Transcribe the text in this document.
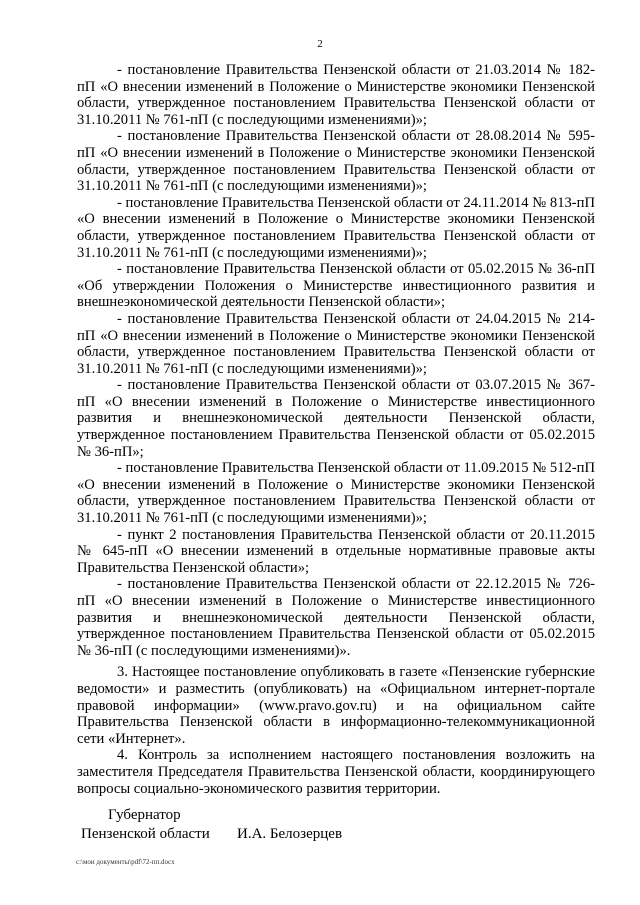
2

- постановление Правительства Пензенской области от 21.03.2014 № 182-пП «О внесении изменений в Положение о Министерстве экономики Пензенской области, утвержденное постановлением Правительства Пензенской области от 31.10.2011 № 761-пП (с последующими изменениями)»;

- постановление Правительства Пензенской области от 28.08.2014 № 595-пП «О внесении изменений в Положение о Министерстве экономики Пензенской области, утвержденное постановлением Правительства Пензенской области от 31.10.2011 № 761-пП (с последующими изменениями)»;

- постановление Правительства Пензенской области от 24.11.2014 № 813-пП «О внесении изменений в Положение о Министерстве экономики Пензенской области, утвержденное постановлением Правительства Пензенской области от 31.10.2011 № 761-пП (с последующими изменениями)»;

- постановление Правительства Пензенской области от 05.02.2015 № 36-пП «Об утверждении Положения о Министерстве инвестиционного развития и внешнеэкономической деятельности Пензенской области»;

- постановление Правительства Пензенской области от 24.04.2015 № 214-пП «О внесении изменений в Положение о Министерстве экономики Пензенской области, утвержденное постановлением Правительства Пензенской области от 31.10.2011 № 761-пП (с последующими изменениями)»;

- постановление Правительства Пензенской области от 03.07.2015 № 367-пП «О внесении изменений в Положение о Министерстве инвестиционного развития и внешнеэкономической деятельности Пензенской области, утвержденное постановлением Правительства Пензенской области от 05.02.2015 № 36-пП»;

- постановление Правительства Пензенской области от 11.09.2015 № 512-пП «О внесении изменений в Положение о Министерстве экономики Пензенской области, утвержденное постановлением Правительства Пензенской области от 31.10.2011 № 761-пП (с последующими изменениями)»;

- пункт 2 постановления Правительства Пензенской области от 20.11.2015 № 645-пП «О внесении изменений в отдельные нормативные правовые акты Правительства Пензенской области»;

- постановление Правительства Пензенской области от 22.12.2015 № 726-пП «О внесении изменений в Положение о Министерстве инвестиционного развития и внешнеэкономической деятельности Пензенской области, утвержденное постановлением Правительства Пензенской области от 05.02.2015 № 36-пП (с последующими изменениями)».

3. Настоящее постановление опубликовать в газете «Пензенские губернские ведомости» и разместить (опубликовать) на «Официальном интернет-портале правовой информации» (www.pravo.gov.ru) и на официальном сайте Правительства Пензенской области в информационно-телекоммуникационной сети «Интернет».

4. Контроль за исполнением настоящего постановления возложить на заместителя Председателя Правительства Пензенской области, координирующего вопросы социально-экономического развития территории.

Губернатор
Пензенской области	И.А. Белозерцев
с:\мои документы\pdf\72-пп.docx
